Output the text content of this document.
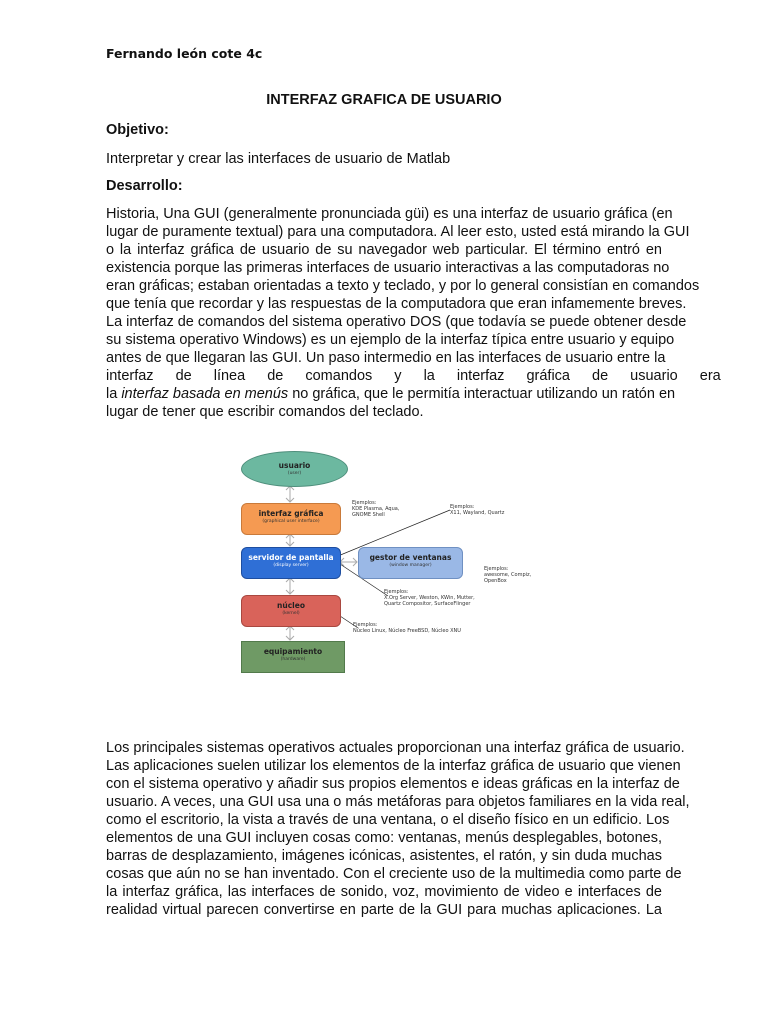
Fernando león cote 4c
INTERFAZ GRAFICA DE USUARIO
Objetivo:
Interpretar y crear las interfaces de usuario de Matlab
Desarrollo:
Historia, Una GUI (generalmente pronunciada güi) es una interfaz de usuario gráfica (en
lugar de puramente textual) para una computadora. Al leer esto, usted está mirando la GUI
o la interfaz gráfica de usuario de su navegador web particular. El término entró en
existencia porque las primeras interfaces de usuario interactivas a las computadoras no
eran gráficas; estaban orientadas a texto y teclado, y por lo general consistían en comandos
que tenía que recordar y las respuestas de la computadora que eran infamemente breves.
La interfaz de comandos del sistema operativo DOS (que todavía se puede obtener desde
su sistema operativo Windows) es un ejemplo de la interfaz típica entre usuario y equipo
antes de que llegaran las GUI. Un paso intermedio en las interfaces de usuario entre la
interfaz de línea de comandos y la interfaz gráfica de usuario era
la interfaz basada en menús no gráfica, que le permitía interactuar utilizando un ratón en
lugar de tener que escribir comandos del teclado.
usuario
(user)
interfaz gráfica
(graphical user interface)
servidor de pantalla
(display server)
gestor de ventanas
(window manager)
núcleo
(kernel)
equipamiento
(hardware)
Ejemplos:
KDE Plasma, Aqua,
GNOME Shell
Ejemplos:
X11, Wayland, Quartz
Ejemplos:
awesome, Compiz,
OpenBox
Ejemplos:
X.Org Server, Weston, KWin, Mutter,
Quartz Compositor, SurfaceFlinger
Ejemplos:
Núcleo Linux, Núcleo FreeBSD, Núcleo XNU
Los principales sistemas operativos actuales proporcionan una interfaz gráfica de usuario.
Las aplicaciones suelen utilizar los elementos de la interfaz gráfica de usuario que vienen
con el sistema operativo y añadir sus propios elementos e ideas gráficas en la interfaz de
usuario. A veces, una GUI usa una o más metáforas para objetos familiares en la vida real,
como el escritorio, la vista a través de una ventana, o el diseño físico en un edificio. Los
elementos de una GUI incluyen cosas como: ventanas, menús desplegables, botones,
barras de desplazamiento, imágenes icónicas, asistentes, el ratón, y sin duda muchas
cosas que aún no se han inventado. Con el creciente uso de la multimedia como parte de
la interfaz gráfica, las interfaces de sonido, voz, movimiento de video e interfaces de
realidad virtual parecen convertirse en parte de la GUI para muchas aplicaciones. La
